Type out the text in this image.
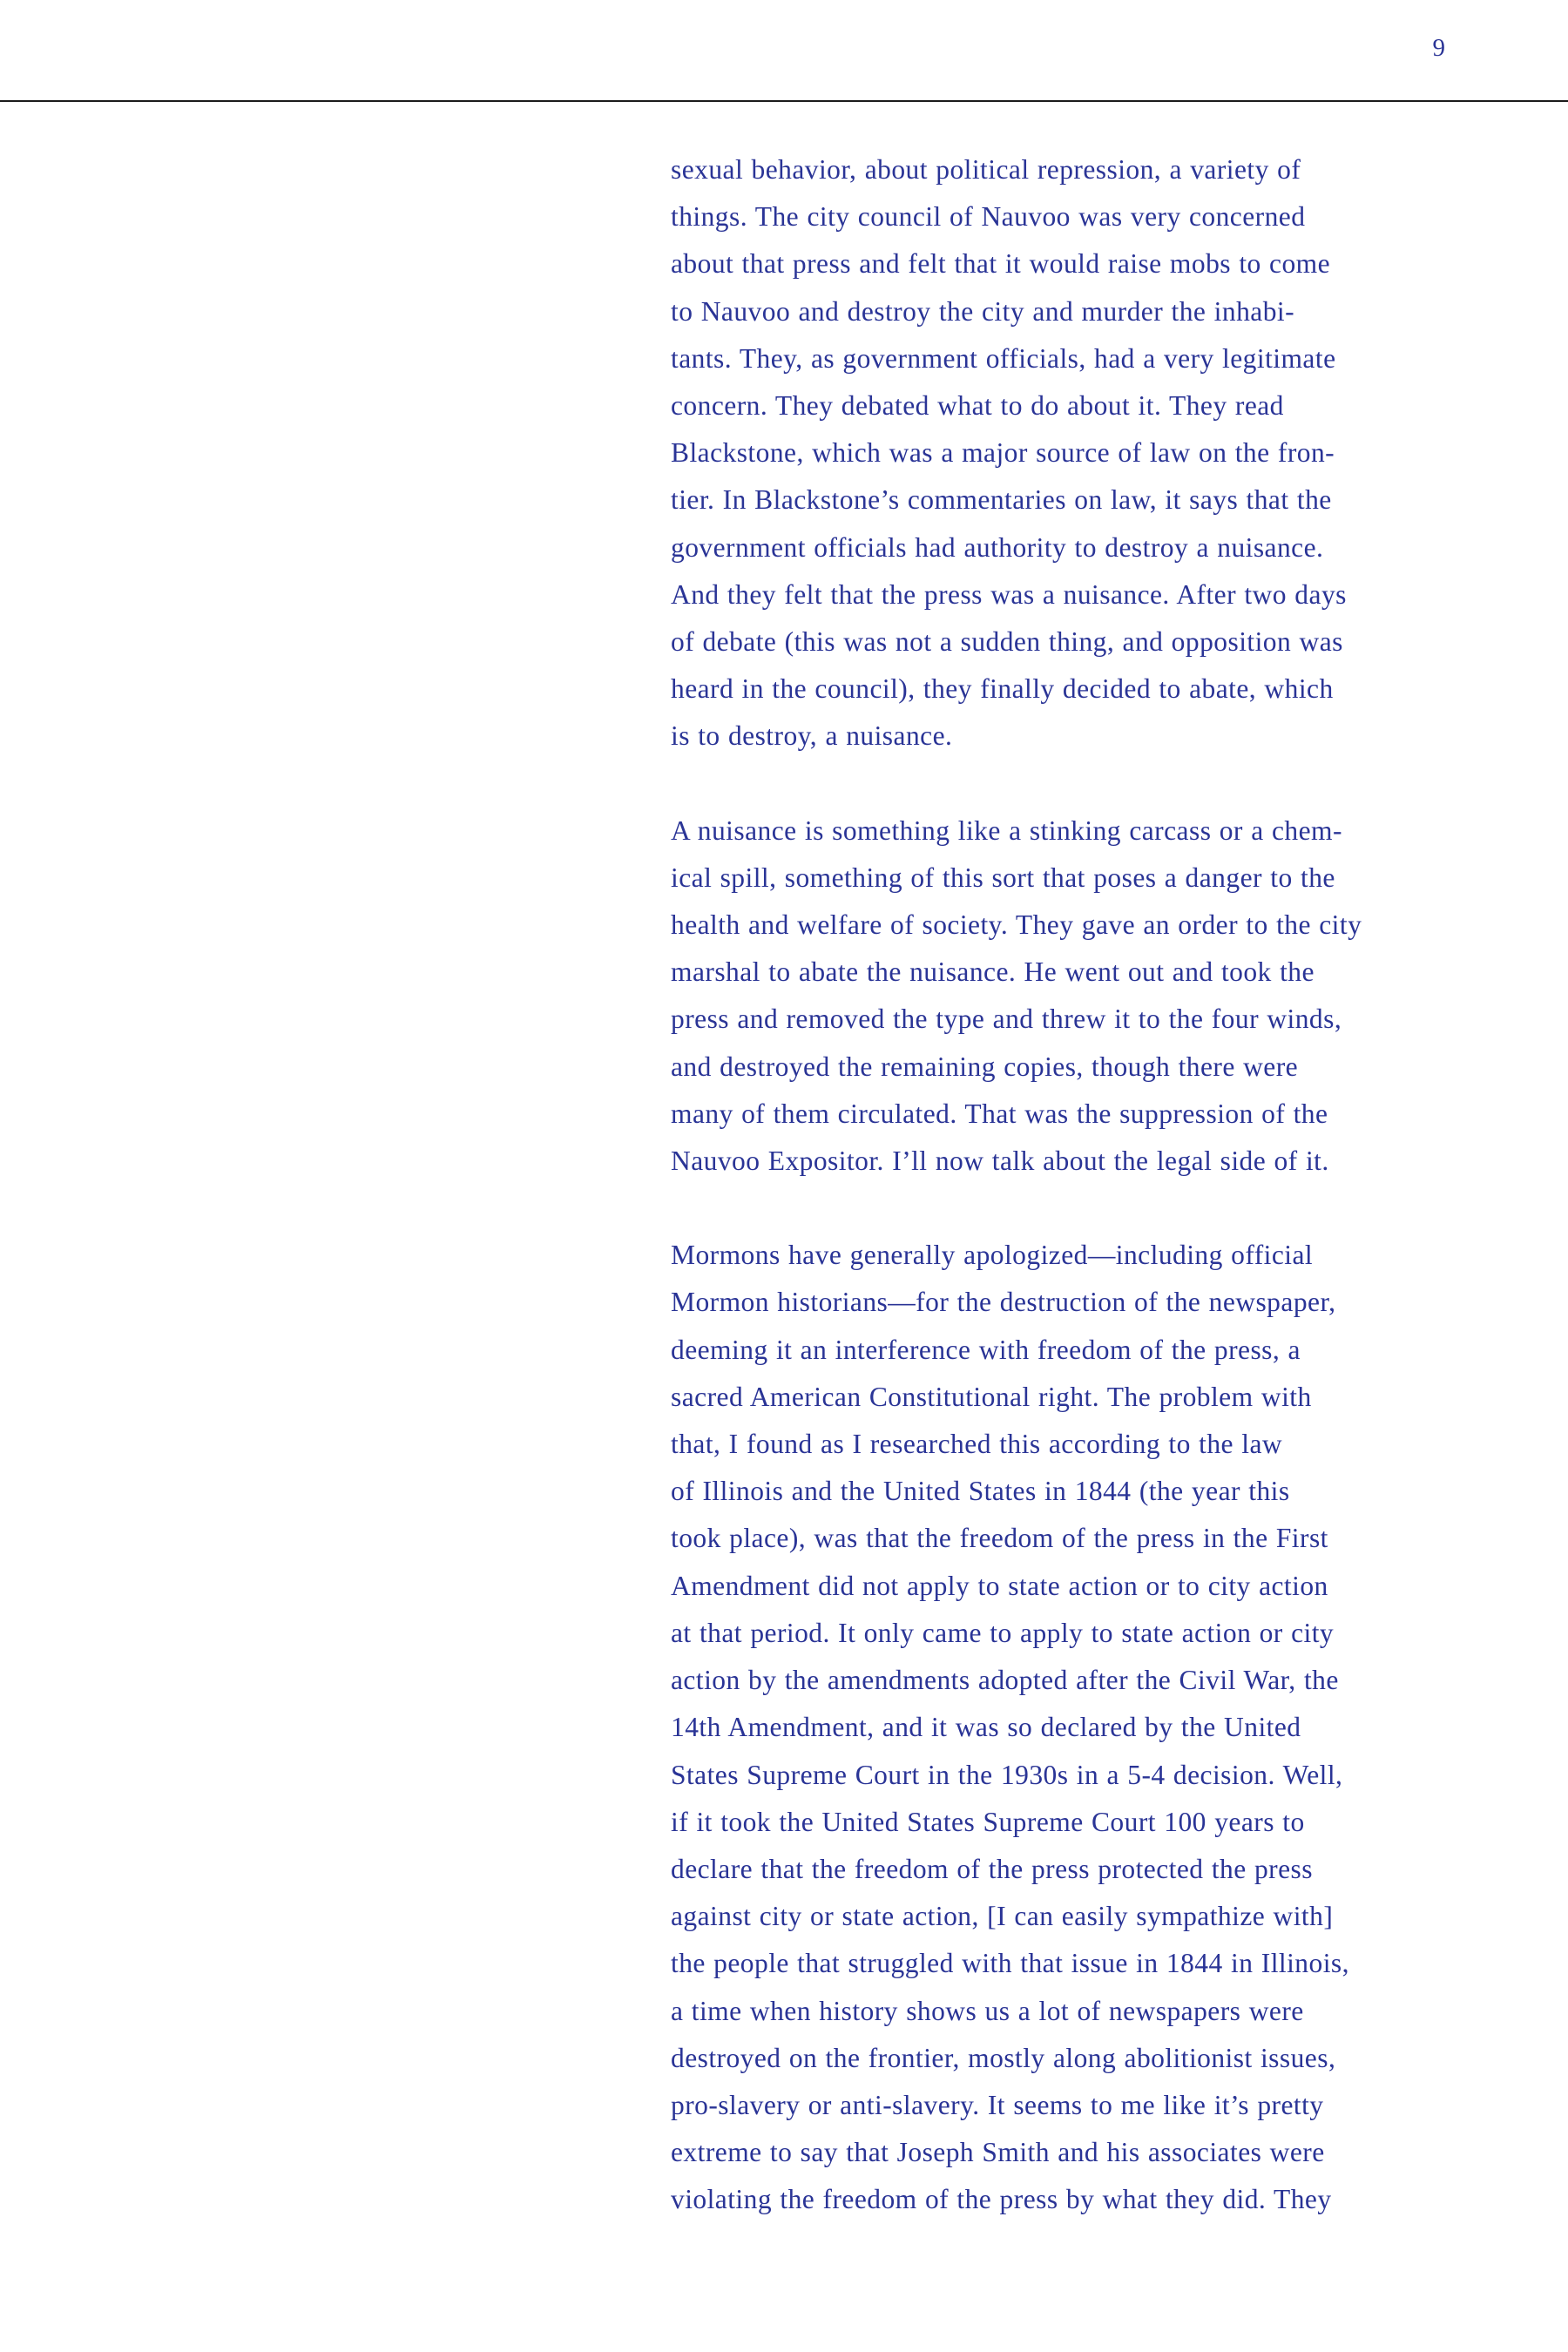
9

sexual behavior, about political repression, a variety of
things. The city council of Nauvoo was very concerned
about that press and felt that it would raise mobs to come
to Nauvoo and destroy the city and murder the inhabi-
tants. They, as government officials, had a very legitimate
concern. They debated what to do about it. They read
Blackstone, which was a major source of law on the fron-
tier. In Blackstone’s commentaries on law, it says that the
government officials had authority to destroy a nuisance.
And they felt that the press was a nuisance. After two days
of debate (this was not a sudden thing, and opposition was
heard in the council), they finally decided to abate, which
is to destroy, a nuisance.

A nuisance is something like a stinking carcass or a chem-
ical spill, something of this sort that poses a danger to the
health and welfare of society. They gave an order to the city
marshal to abate the nuisance. He went out and took the
press and removed the type and threw it to the four winds,
and destroyed the remaining copies, though there were
many of them circulated. That was the suppression of the
Nauvoo Expositor. I’ll now talk about the legal side of it.

Mormons have generally apologized—including official
Mormon historians—for the destruction of the newspaper,
deeming it an interference with freedom of the press, a
sacred American Constitutional right. The problem with
that, I found as I researched this according to the law
of Illinois and the United States in 1844 (the year this
took place), was that the freedom of the press in the First
Amendment did not apply to state action or to city action
at that period. It only came to apply to state action or city
action by the amendments adopted after the Civil War, the
14th Amendment, and it was so declared by the United
States Supreme Court in the 1930s in a 5-4 decision. Well,
if it took the United States Supreme Court 100 years to
declare that the freedom of the press protected the press
against city or state action, [I can easily sympathize with]
the people that struggled with that issue in 1844 in Illinois,
a time when history shows us a lot of newspapers were
destroyed on the frontier, mostly along abolitionist issues,
pro-slavery or anti-slavery. It seems to me like it’s pretty
extreme to say that Joseph Smith and his associates were
violating the freedom of the press by what they did. They
